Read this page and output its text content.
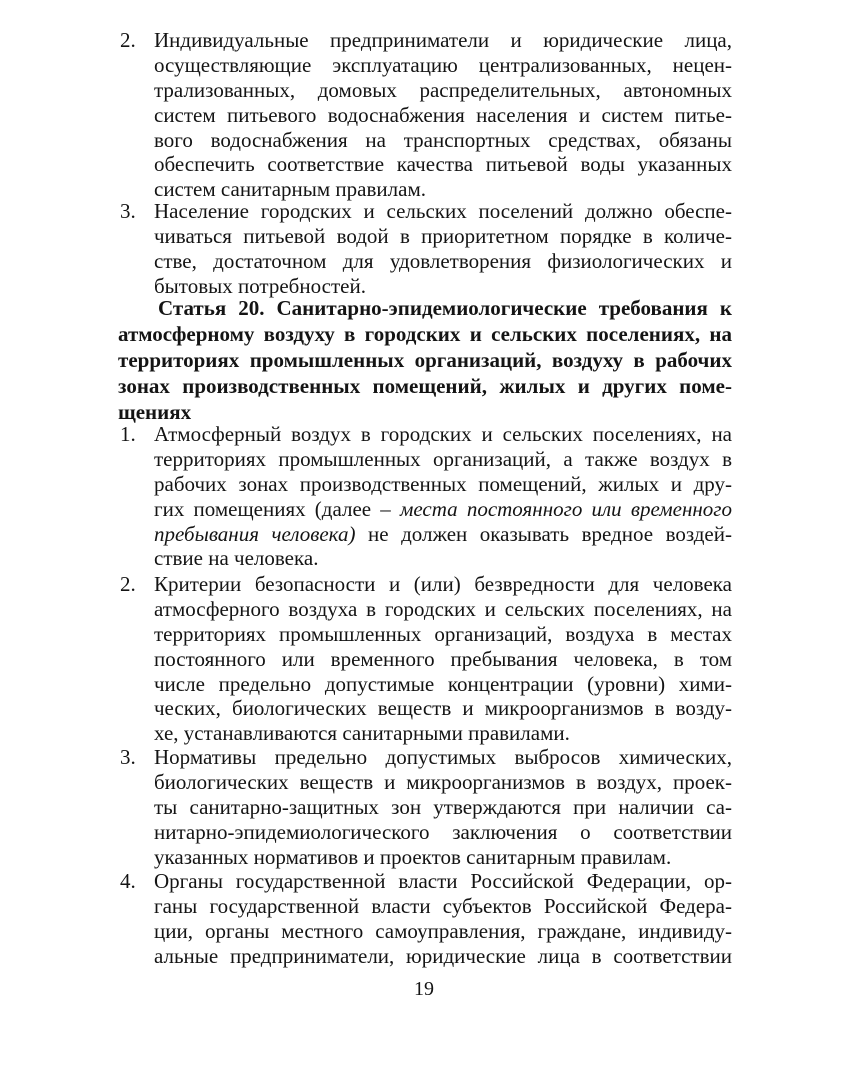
2. Индивидуальные предприниматели и юридические лица,
осуществляющие эксплуатацию централизованных, нецен-
трализованных, домовых распределительных, автономных
систем питьевого водоснабжения населения и систем питье-
вого водоснабжения на транспортных средствах, обязаны
обеспечить соответствие качества питьевой воды указанных
систем санитарным правилам.
3. Население городских и сельских поселений должно обеспе-
чиваться питьевой водой в приоритетном порядке в количе-
стве, достаточном для удовлетворения физиологических и
бытовых потребностей.
Статья 20. Санитарно-эпидемиологические требования к
атмосферному воздуху в городских и сельских поселениях, на
территориях промышленных организаций, воздуху в рабочих
зонах производственных помещений, жилых и других поме-
щениях
1. Атмосферный воздух в городских и сельских поселениях, на
территориях промышленных организаций, а также воздух в
рабочих зонах производственных помещений, жилых и дру-
гих помещениях (далее – места постоянного или временного
пребывания человека) не должен оказывать вредное воздей-
ствие на человека.
2. Критерии безопасности и (или) безвредности для человека
атмосферного воздуха в городских и сельских поселениях, на
территориях промышленных организаций, воздуха в местах
постоянного или временного пребывания человека, в том
числе предельно допустимые концентрации (уровни) хими-
ческих, биологических веществ и микроорганизмов в возду-
хе, устанавливаются санитарными правилами.
3. Нормативы предельно допустимых выбросов химических,
биологических веществ и микроорганизмов в воздух, проек-
ты санитарно-защитных зон утверждаются при наличии са-
нитарно-эпидемиологического заключения о соответствии
указанных нормативов и проектов санитарным правилам.
4. Органы государственной власти Российской Федерации, ор-
ганы государственной власти субъектов Российской Федера-
ции, органы местного самоуправления, граждане, индивиду-
альные предприниматели, юридические лица в соответствии
19
